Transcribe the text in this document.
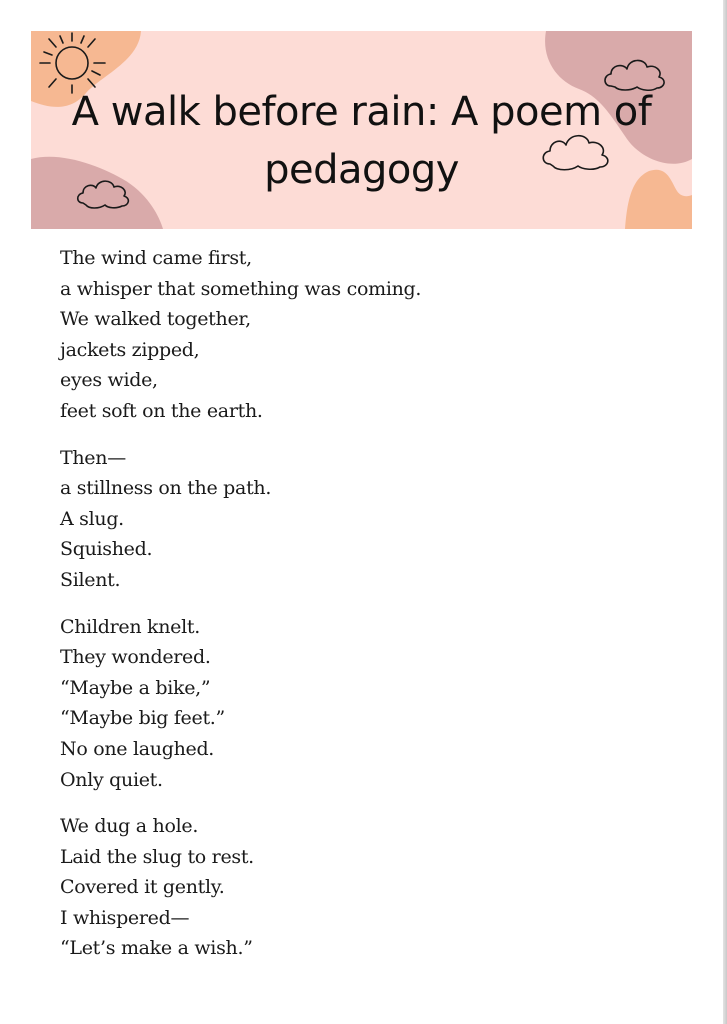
A walk before rain: A poem of pedagogy
The wind came first,
a whisper that something was coming.
We walked together,
jackets zipped,
eyes wide,
feet soft on the earth.
Then—
a stillness on the path.
A slug.
Squished.
Silent.
Children knelt.
They wondered.
“Maybe a bike,”
“Maybe big feet.”
No one laughed.
Only quiet.
We dug a hole.
Laid the slug to rest.
Covered it gently.
I whispered—
“Let’s make a wish.”
